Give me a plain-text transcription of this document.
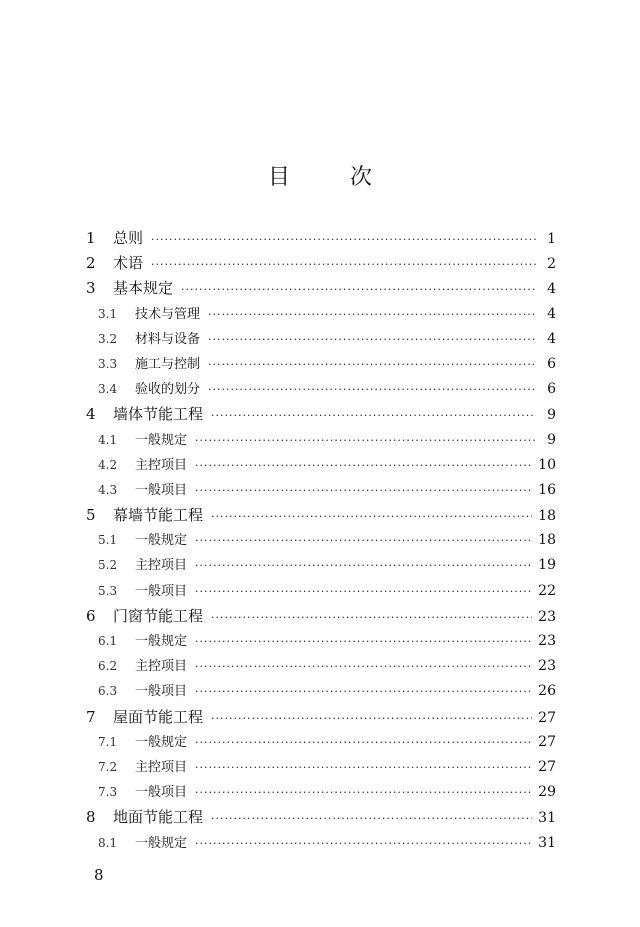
目	次
1	总则 ·····	1
2	术语 ·····	2
3	基本规定 ·····	4
3.1	技术与管理 ·····	4
3.2	材料与设备 ·····	4
3.3	施工与控制 ·····	6
3.4	验收的划分 ·····	6
4	墙体节能工程 ·····	9
4.1	一般规定 ·····	9
4.2	主控项目 ·····	10
4.3	一般项目 ·····	16
5	幕墙节能工程 ·····	18
5.1	一般规定 ·····	18
5.2	主控项目 ·····	19
5.3	一般项目 ·····	22
6	门窗节能工程 ·····	23
6.1	一般规定 ·····	23
6.2	主控项目 ·····	23
6.3	一般项目 ·····	26
7	屋面节能工程 ·····	27
7.1	一般规定 ·····	27
7.2	主控项目 ·····	27
7.3	一般项目 ·····	29
8	地面节能工程 ·····	31
8.1	一般规定 ·····	31
8
